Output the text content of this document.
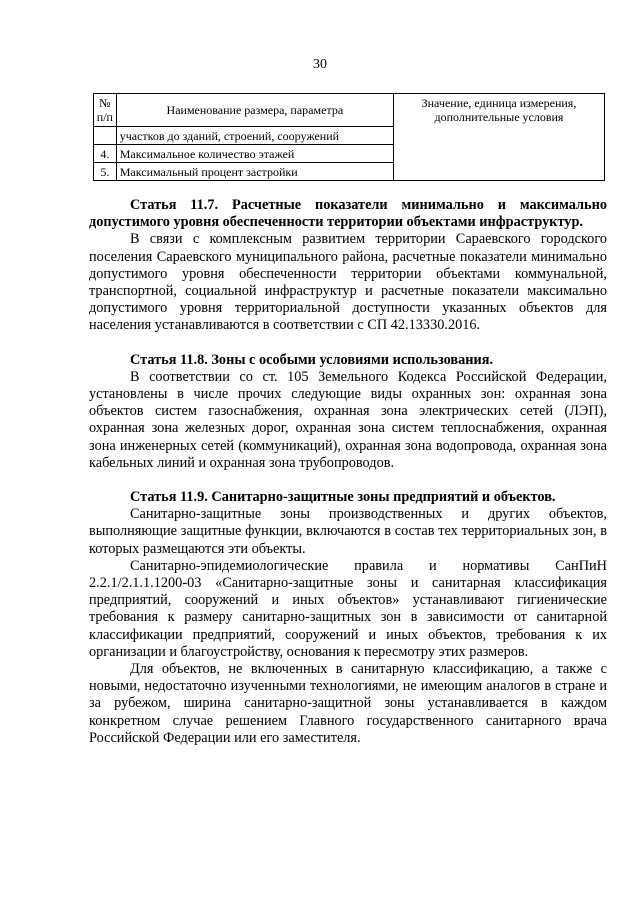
30
№ п/п	Наименование размера, параметра	Значение, единица измерения, дополнительные условия
	участков до зданий, строений, сооружений	
4.	Максимальное количество этажей	
5.	Максимальный процент застройки	
Статья 11.7. Расчетные показатели минимально и максимально допустимого уровня обеспеченности территории объектами инфраструктур.

В связи с комплексным развитием территории Сараевского городского поселения Сараевского муниципального района, расчетные показатели минимально допустимого уровня обеспеченности территории объектами коммунальной, транспортной, социальной инфраструктур и расчетные показатели максимально допустимого уровня территориальной доступности указанных объектов для населения устанавливаются в соответствии с СП 42.13330.2016.

Статья 11.8. Зоны с особыми условиями использования.

В соответствии со ст. 105 Земельного Кодекса Российской Федерации, установлены в числе прочих следующие виды охранных зон: охранная зона объектов систем газоснабжения, охранная зона электрических сетей (ЛЭП), охранная зона железных дорог, охранная зона систем теплоснабжения, охранная зона инженерных сетей (коммуникаций), охранная зона водопровода, охранная зона кабельных линий и охранная зона трубопроводов.

Статья 11.9. Санитарно-защитные зоны предприятий и объектов.

Санитарно-защитные зоны производственных и других объектов, выполняющие защитные функции, включаются в состав тех территориальных зон, в которых размещаются эти объекты.

Санитарно-эпидемиологические правила и нормативы СанПиН 2.2.1/2.1.1.1200-03 «Санитарно-защитные зоны и санитарная классификация предприятий, сооружений и иных объектов» устанавливают гигиенические требования к размеру санитарно-защитных зон в зависимости от санитарной классификации предприятий, сооружений и иных объектов, требования к их организации и благоустройству, основания к пересмотру этих размеров.

Для объектов, не включенных в санитарную классификацию, а также с новыми, недостаточно изученными технологиями, не имеющим аналогов в стране и за рубежом, ширина санитарно-защитной зоны устанавливается в каждом конкретном случае решением Главного государственного санитарного врача Российской Федерации или его заместителя.
